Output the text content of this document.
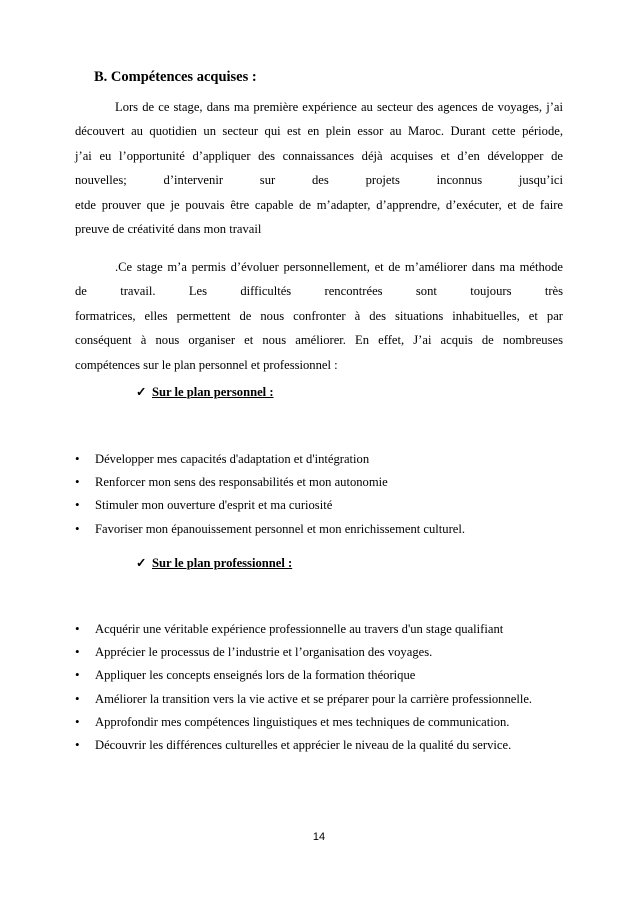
B. Compétences acquises :
Lors de ce stage, dans ma première expérience au secteur des agences de voyages, j’ai
découvert au quotidien un secteur qui est en plein essor au Maroc. Durant cette période,
j’ai eu l’opportunité d’appliquer des connaissances déjà acquises et d’en développer de
nouvelles; d’intervenir sur des projets inconnus jusqu’ici
etde prouver que je pouvais être capable de m’adapter, d’apprendre, d’exécuter, et de faire
preuve de créativité dans mon travail
.Ce stage m’a permis d’évoluer personnellement, et de m’améliorer dans ma méthode
de travail. Les difficultés rencontrées sont toujours très
formatrices, elles permettent de nous confronter à des situations inhabituelles, et par
conséquent à nous organiser et nous améliorer. En effet, J’ai acquis de nombreuses
compétences sur le plan personnel et professionnel :
✓ Sur le plan personnel :
• Développer mes capacités d'adaptation et d'intégration
• Renforcer mon sens des responsabilités et mon autonomie
• Stimuler mon ouverture d'esprit et ma curiosité
• Favoriser mon épanouissement personnel et mon enrichissement culturel.
✓ Sur le plan professionnel :
• Acquérir une véritable expérience professionnelle au travers d'un stage qualifiant
• Apprécier le processus de l’industrie et l’organisation des voyages.
• Appliquer les concepts enseignés lors de la formation théorique
• Améliorer la transition vers la vie active et se préparer pour la carrière professionnelle.
• Approfondir mes compétences linguistiques et mes techniques de communication.
• Découvrir les différences culturelles et apprécier le niveau de la qualité du service.
14
